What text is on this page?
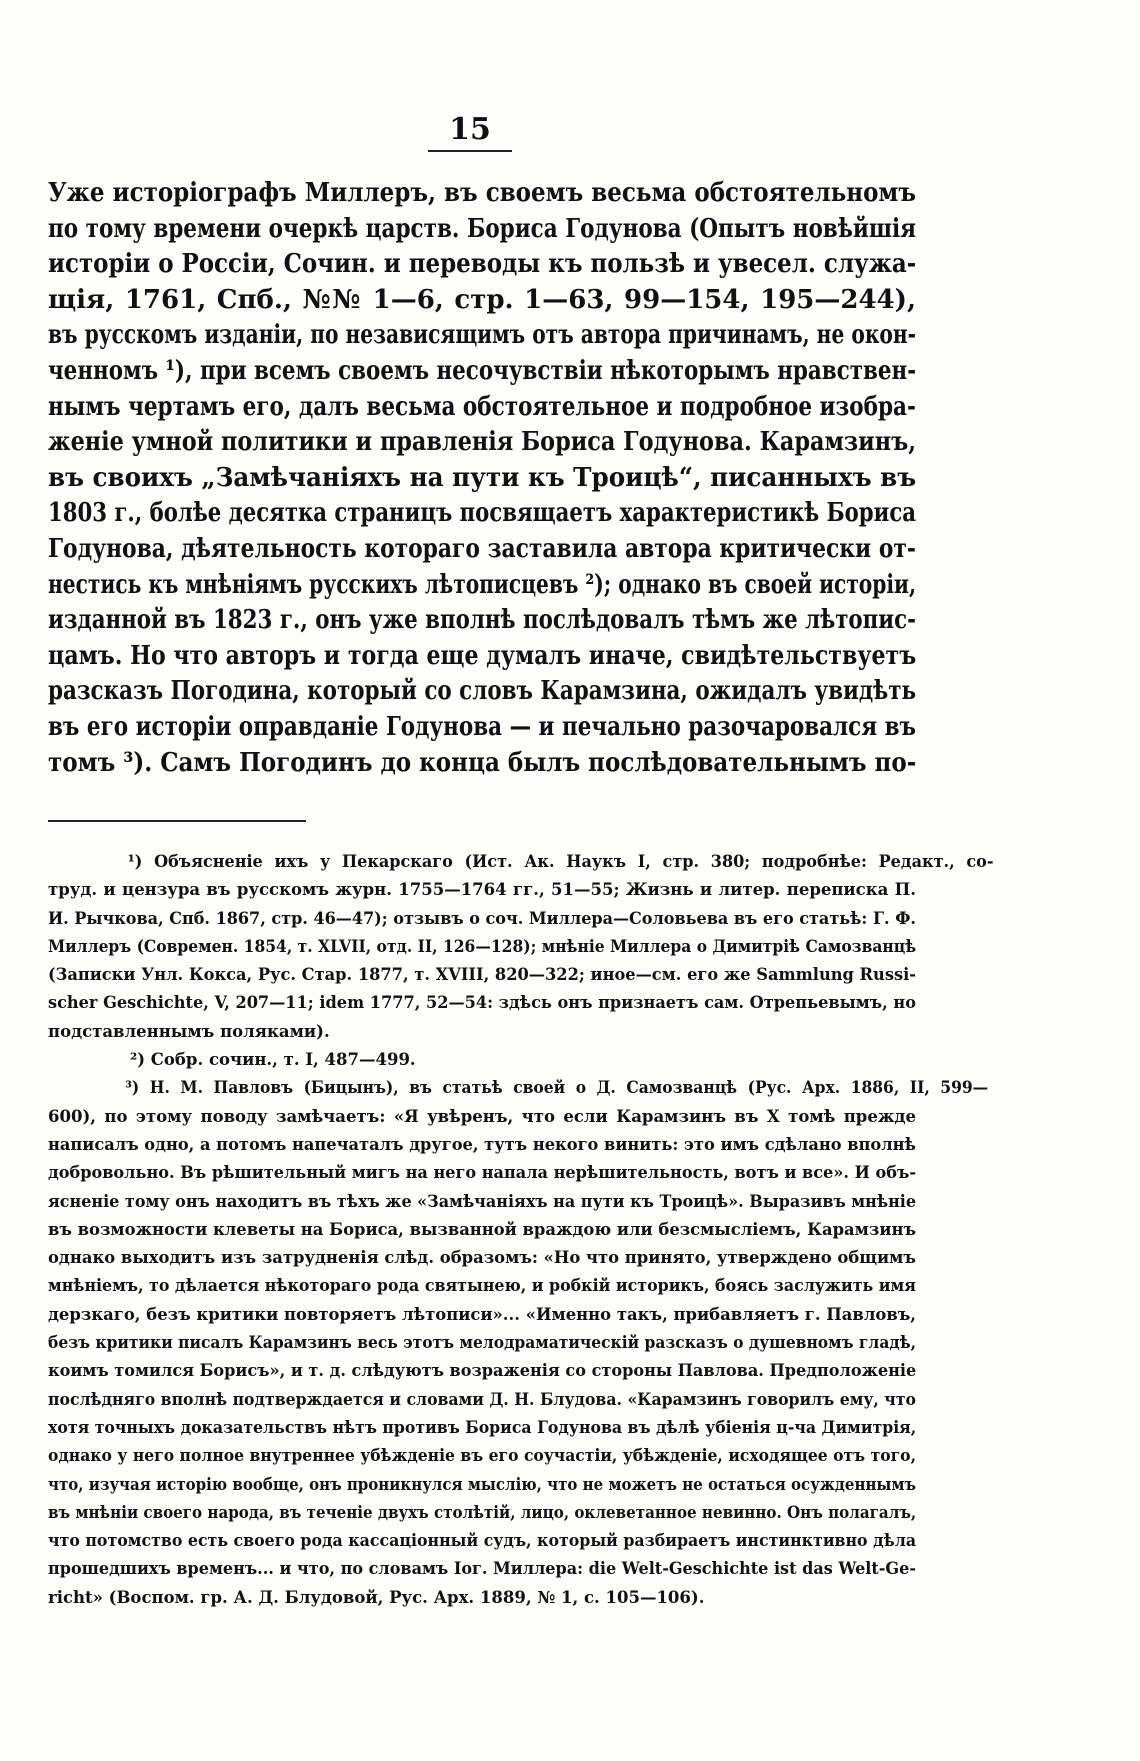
15
Уже исторіографъ Миллеръ, въ своемъ весьма обстоятельномъ
по тому времени очеркѣ царств. Бориса Годунова (Опытъ новѣйшія
исторіи о Россіи, Сочин. и переводы къ пользѣ и увесел. служа-
щія, 1761, Спб., №№ 1—6, стр. 1—63, 99—154, 195—244),
въ русскомъ изданіи, по независящимъ отъ автора причинамъ, не окон-
ченномъ ¹), при всемъ своемъ несочувствіи нѣкоторымъ нравствен-
нымъ чертамъ его, далъ весьма обстоятельное и подробное изобра-
женіе умной политики и правленія Бориса Годунова. Карамзинъ,
въ своихъ „Замѣчаніяхъ на пути къ Троицѣ“, писанныхъ въ
1803 г., болѣе десятка страницъ посвящаетъ характеристикѣ Бориса
Годунова, дѣятельность котораго заставила автора критически от-
нестись къ мнѣніямъ русскихъ лѣтописцевъ ²); однако въ своей исторіи,
изданной въ 1823 г., онъ уже вполнѣ послѣдовалъ тѣмъ же лѣтопис-
цамъ. Но что авторъ и тогда еще думалъ иначе, свидѣтельствуетъ
разсказъ Погодина, который со словъ Карамзина, ожидалъ увидѣть
въ его исторіи оправданіе Годунова — и печально разочаровался въ
томъ ³). Самъ Погодинъ до конца былъ послѣдовательнымъ по-
¹) Объясненіе ихъ у Пекарскаго (Ист. Ак. Наукъ I, стр. 380; подробнѣе: Редакт., со-
труд. и цензура въ русскомъ журн. 1755—1764 гг., 51—55; Жизнь и литер. переписка П.
И. Рычкова, Спб. 1867, стр. 46—47); отзывъ о соч. Миллера—Соловьева въ его статьѣ: Г. Ф.
Миллеръ (Современ. 1854, т. XLVII, отд. II, 126—128); мнѣніе Миллера о Димитріѣ Самозванцѣ
(Записки Унл. Кокса, Рус. Стар. 1877, т. XVIII, 820—322; иное—см. его же Sammlung Russi-
scher Geschichte, V, 207—11; idem 1777, 52—54: здѣсь онъ признаетъ сам. Отрепьевымъ, но
подставленнымъ поляками).
²) Собр. сочин., т. I, 487—499.
³) Н. М. Павловъ (Бицынъ), въ статьѣ своей о Д. Самозванцѣ (Рус. Арх. 1886, II, 599—
600), по этому поводу замѣчаетъ: «Я увѣренъ, что если Карамзинъ въ X томѣ прежде
написалъ одно, а потомъ напечаталъ другое, тутъ некого винить: это имъ сдѣлано вполнѣ
добровольно. Въ рѣшительный мигъ на него напала нерѣшительность, вотъ и все». И объ-
ясненіе тому онъ находитъ въ тѣхъ же «Замѣчаніяхъ на пути къ Троицѣ». Выразивъ мнѣніе
въ возможности клеветы на Бориса, вызванной враждою или безсмысліемъ, Карамзинъ
однако выходитъ изъ затрудненія слѣд. образомъ: «Но что принято, утверждено общимъ
мнѣніемъ, то дѣлается нѣкотораго рода святынею, и робкій историкъ, боясь заслужить имя
дерзкаго, безъ критики повторяетъ лѣтописи»... «Именно такъ, прибавляетъ г. Павловъ,
безъ критики писалъ Карамзинъ весь этотъ мелодраматическій разсказъ о душевномъ гладѣ,
коимъ томился Борисъ», и т. д. слѣдуютъ возраженія со стороны Павлова. Предположеніе
послѣдняго вполнѣ подтверждается и словами Д. Н. Блудова. «Карамзинъ говорилъ ему, что
хотя точныхъ доказательствъ нѣтъ противъ Бориса Годунова въ дѣлѣ убіенія ц-ча Димитрія,
однако у него полное внутреннее убѣжденіе въ его соучастіи, убѣжденіе, исходящее отъ того,
что, изучая исторію вообще, онъ проникнулся мыслію, что не можетъ не остаться осужденнымъ
въ мнѣніи своего народа, въ теченіе двухъ столѣтій, лицо, оклеветанное невинно. Онъ полагалъ,
что потомство есть своего рода кассаціонный судъ, который разбираетъ инстинктивно дѣла
прошедшихъ временъ... и что, по словамъ Іог. Миллера: die Welt-Geschichte ist das Welt-Ge-
richt» (Воспом. гр. А. Д. Блудовой, Рус. Арх. 1889, № 1, с. 105—106).
